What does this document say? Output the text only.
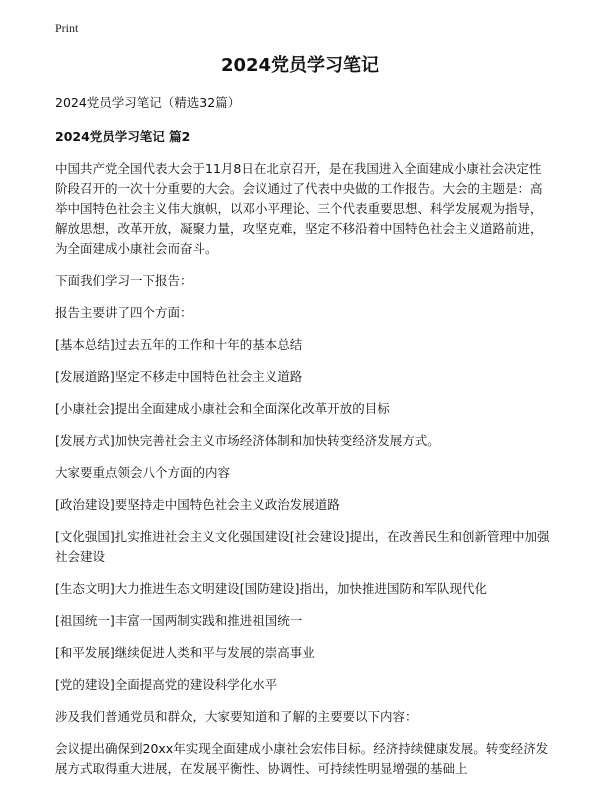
Print
2024党员学习笔记

2024党员学习笔记（精选32篇）

2024党员学习笔记 篇2

中国共产党全国代表大会于11月8日在北京召开，是在我国进入全面建成小康社会决定性阶段召开的一次十分重要的大会。会议通过了代表中央做的工作报告。大会的主题是：高举中国特色社会主义伟大旗帜，以邓小平理论、三个代表重要思想、科学发展观为指导，解放思想，改革开放，凝聚力量，攻坚克难，坚定不移沿着中国特色社会主义道路前进，为全面建成小康社会而奋斗。

下面我们学习一下报告：

报告主要讲了四个方面：

[基本总结]过去五年的工作和十年的基本总结

[发展道路]坚定不移走中国特色社会主义道路

[小康社会]提出全面建成小康社会和全面深化改革开放的目标

[发展方式]加快完善社会主义市场经济体制和加快转变经济发展方式。

大家要重点领会八个方面的内容

[政治建设]要坚持走中国特色社会主义政治发展道路

[文化强国]扎实推进社会主义文化强国建设[社会建设]提出，在改善民生和创新管理中加强社会建设

[生态文明]大力推进生态文明建设[国防建设]指出，加快推进国防和军队现代化

[祖国统一]丰富一国两制实践和推进祖国统一

[和平发展]继续促进人类和平与发展的崇高事业

[党的建设]全面提高党的建设科学化水平

涉及我们普通党员和群众，大家要知道和了解的主要要以下内容：

会议提出确保到20xx年实现全面建成小康社会宏伟目标。经济持续健康发展。转变经济发展方式取得重大进展，在发展平衡性、协调性、可持续性明显增强的基础上
